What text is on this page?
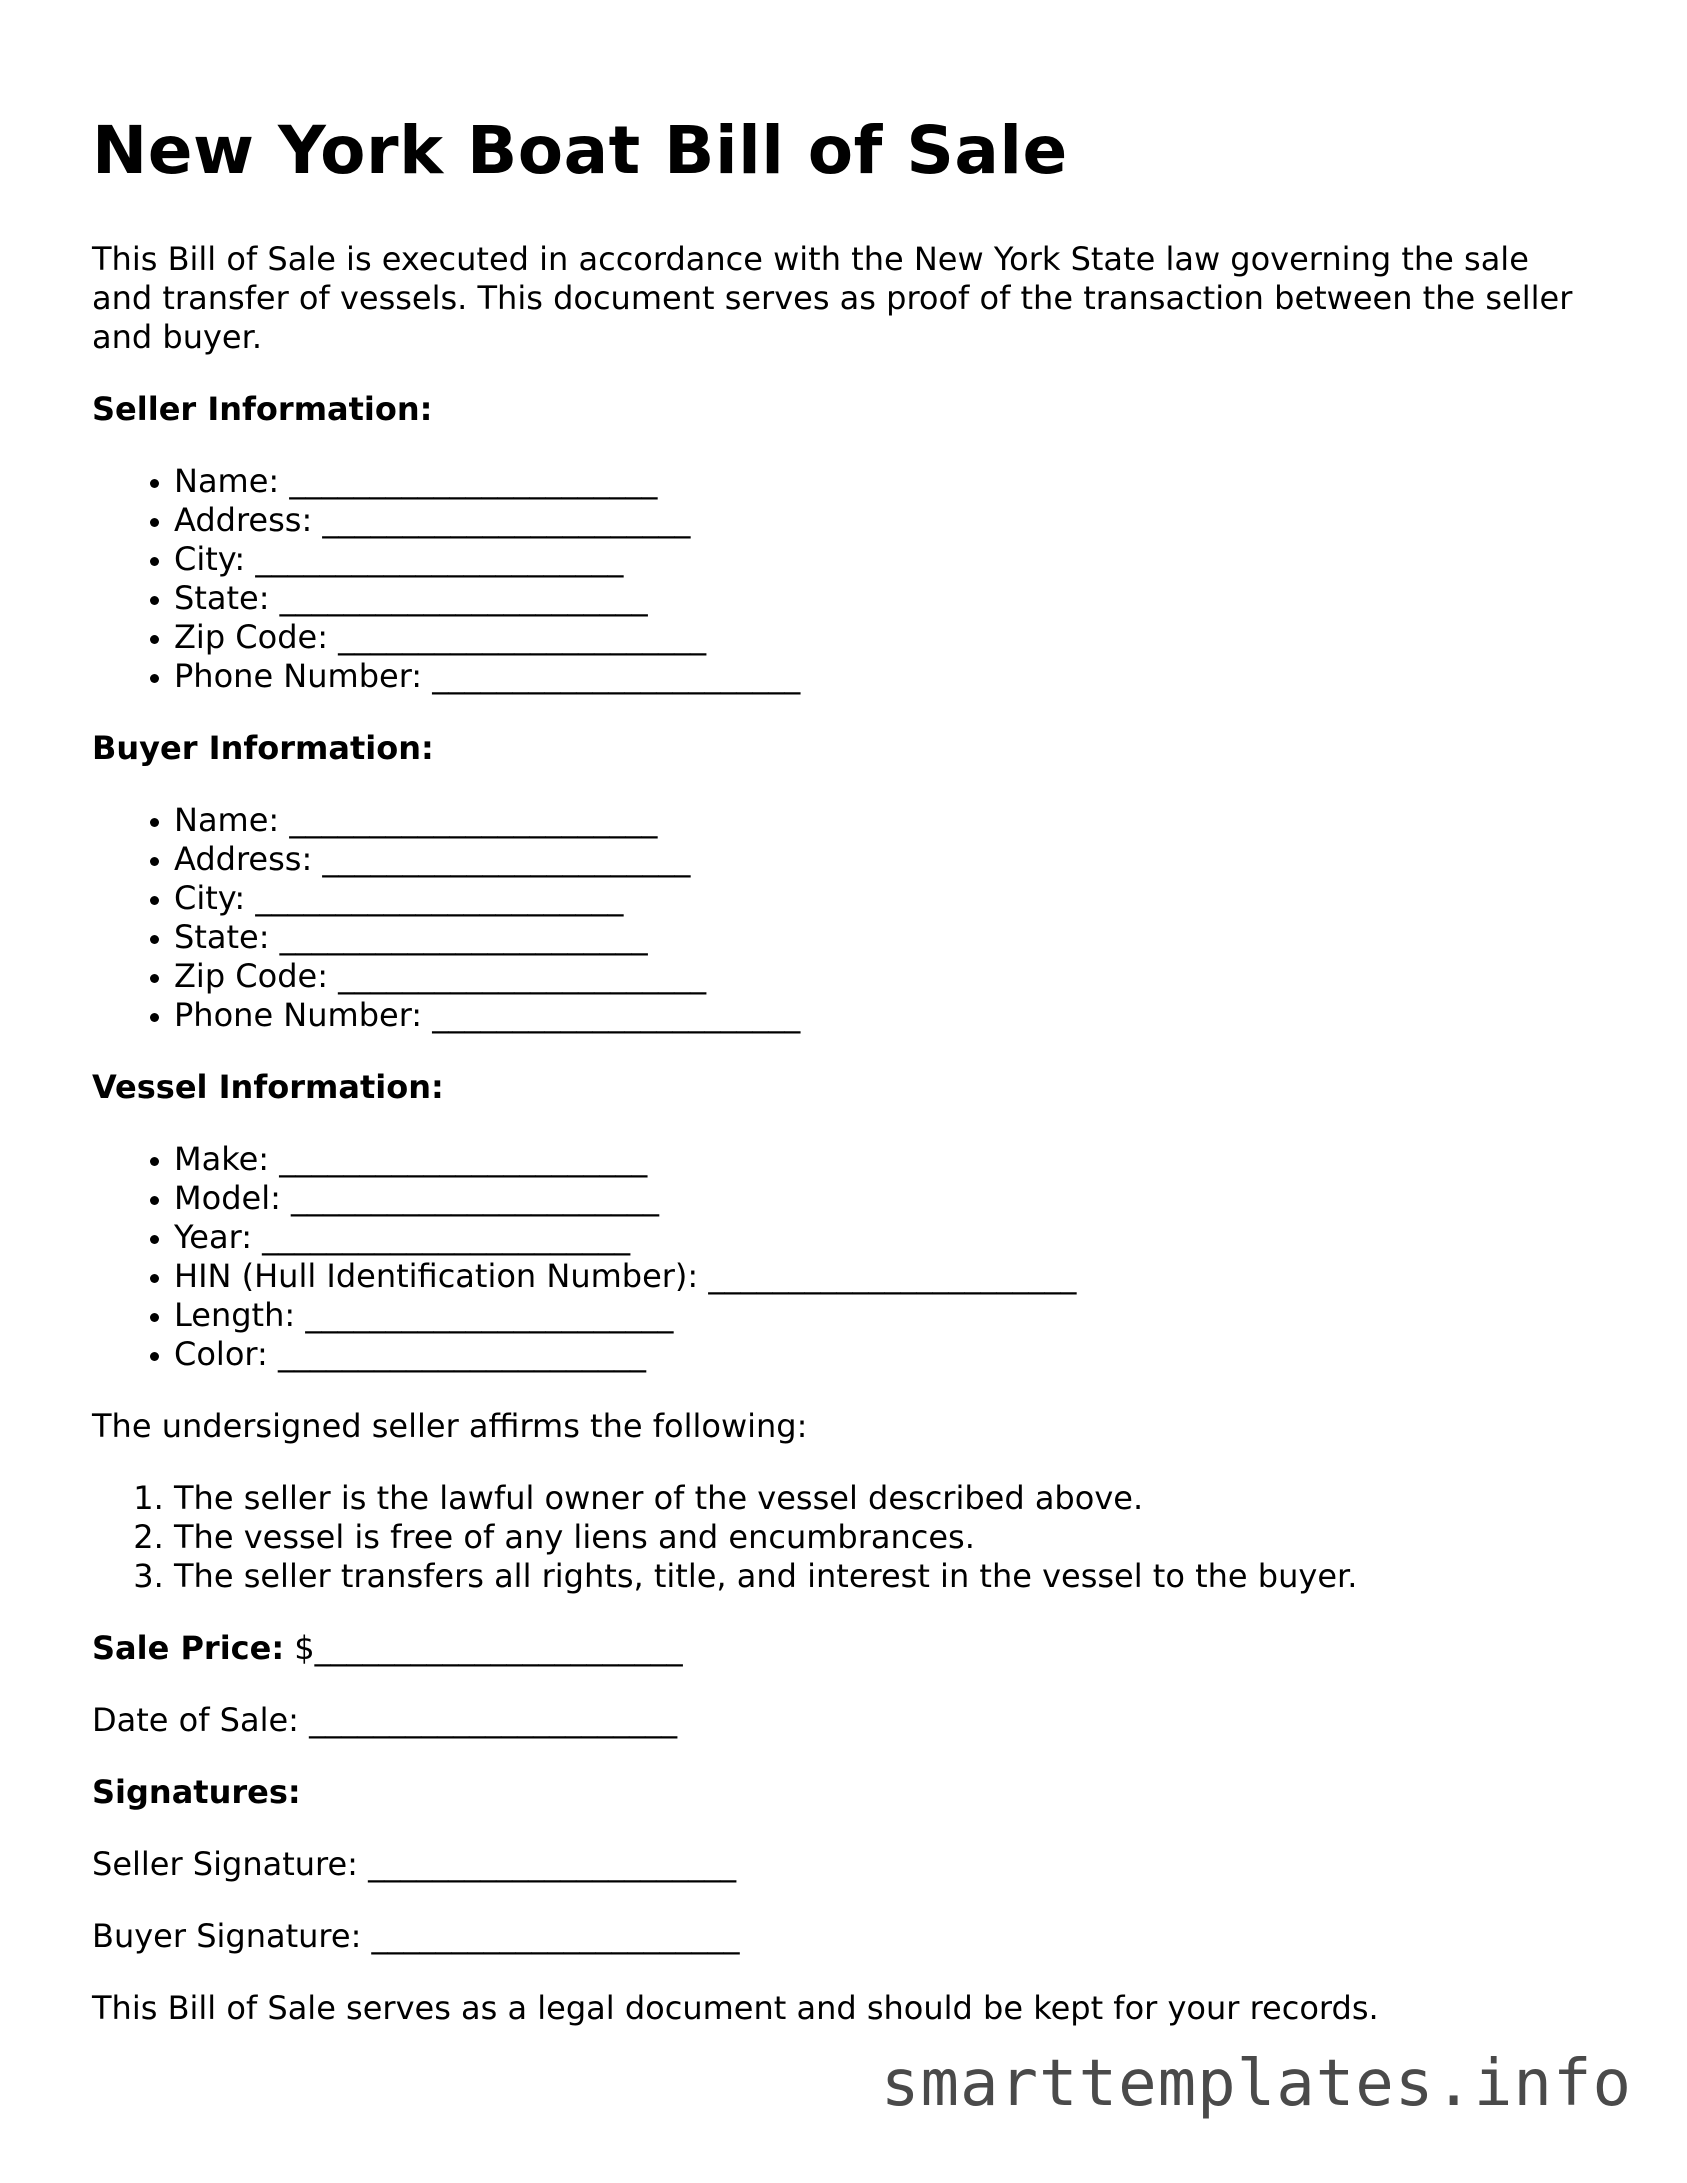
New York Boat Bill of Sale

This Bill of Sale is executed in accordance with the New York State law governing the sale and transfer of vessels. This document serves as proof of the transaction between the seller and buyer.

Seller Information:

• Name: _______________________
• Address: _______________________
• City: _______________________
• State: _______________________
• Zip Code: _______________________
• Phone Number: _______________________

Buyer Information:

• Name: _______________________
• Address: _______________________
• City: _______________________
• State: _______________________
• Zip Code: _______________________
• Phone Number: _______________________

Vessel Information:

• Make: _______________________
• Model: _______________________
• Year: _______________________
• HIN (Hull Identification Number): _______________________
• Length: _______________________
• Color: _______________________

The undersigned seller affirms the following:

1. The seller is the lawful owner of the vessel described above.
2. The vessel is free of any liens and encumbrances.
3. The seller transfers all rights, title, and interest in the vessel to the buyer.

Sale Price: $_______________________

Date of Sale: _______________________

Signatures:

Seller Signature: _______________________

Buyer Signature: _______________________

This Bill of Sale serves as a legal document and should be kept for your records.

smarttemplates.info
